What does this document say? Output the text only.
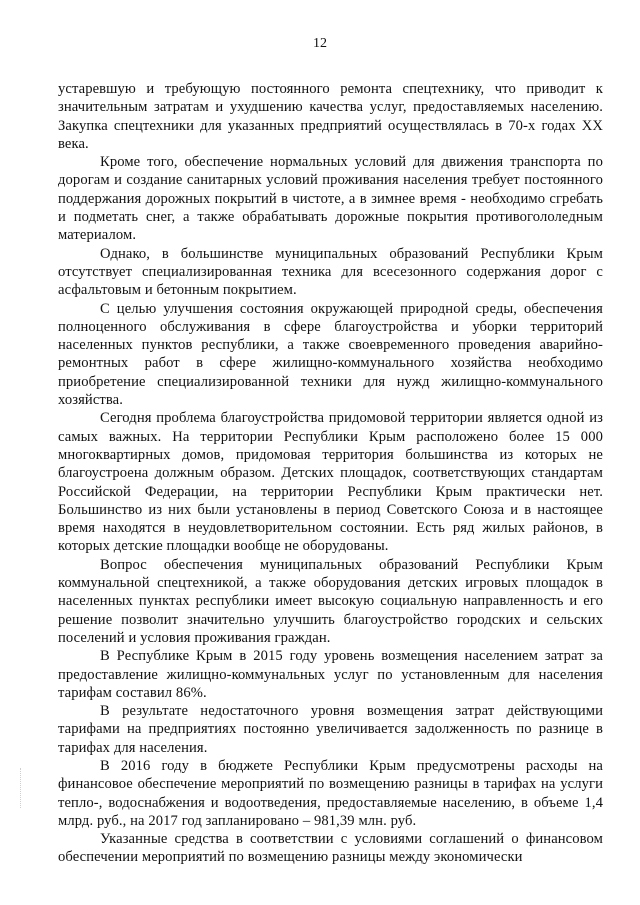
12

устаревшую и требующую постоянного ремонта спецтехнику, что приводит к значительным затратам и ухудшению качества услуг, предоставляемых населению. Закупка спецтехники для указанных предприятий осуществлялась в 70-х годах XX века.

Кроме того, обеспечение нормальных условий для движения транспорта по дорогам и создание санитарных условий проживания населения требует постоянного поддержания дорожных покрытий в чистоте, а в зимнее время - необходимо сгребать и подметать снег, а также обрабатывать дорожные покрытия противогололедным материалом.

Однако, в большинстве муниципальных образований Республики Крым отсутствует специализированная техника для всесезонного содержания дорог с асфальтовым и бетонным покрытием.

С целью улучшения состояния окружающей природной среды, обеспечения полноценного обслуживания в сфере благоустройства и уборки территорий населенных пунктов республики, а также своевременного проведения аварийно-ремонтных работ в сфере жилищно-коммунального хозяйства необходимо приобретение специализированной техники для нужд жилищно-коммунального хозяйства.

Сегодня проблема благоустройства придомовой территории является одной из самых важных. На территории Республики Крым расположено более 15 000 многоквартирных домов, придомовая территория большинства из которых не благоустроена должным образом. Детских площадок, соответствующих стандартам Российской Федерации, на территории Республики Крым практически нет. Большинство из них были установлены в период Советского Союза и в настоящее время находятся в неудовлетворительном состоянии. Есть ряд жилых районов, в которых детские площадки вообще не оборудованы.

Вопрос обеспечения муниципальных образований Республики Крым коммунальной спецтехникой, а также оборудования детских игровых площадок в населенных пунктах республики имеет высокую социальную направленность и его решение позволит значительно улучшить благоустройство городских и сельских поселений и условия проживания граждан.

В Республике Крым в 2015 году уровень возмещения населением затрат за предоставление жилищно-коммунальных услуг по установленным для населения тарифам составил 86%.

В результате недостаточного уровня возмещения затрат действующими тарифами на предприятиях постоянно увеличивается задолженность по разнице в тарифах для населения.

В 2016 году в бюджете Республики Крым предусмотрены расходы на финансовое обеспечение мероприятий по возмещению разницы в тарифах на услуги тепло-, водоснабжения и водоотведения, предоставляемые населению, в объеме 1,4 млрд. руб., на 2017 год запланировано – 981,39 млн. руб.

Указанные средства в соответствии с условиями соглашений о финансовом обеспечении мероприятий по возмещению разницы между экономически
